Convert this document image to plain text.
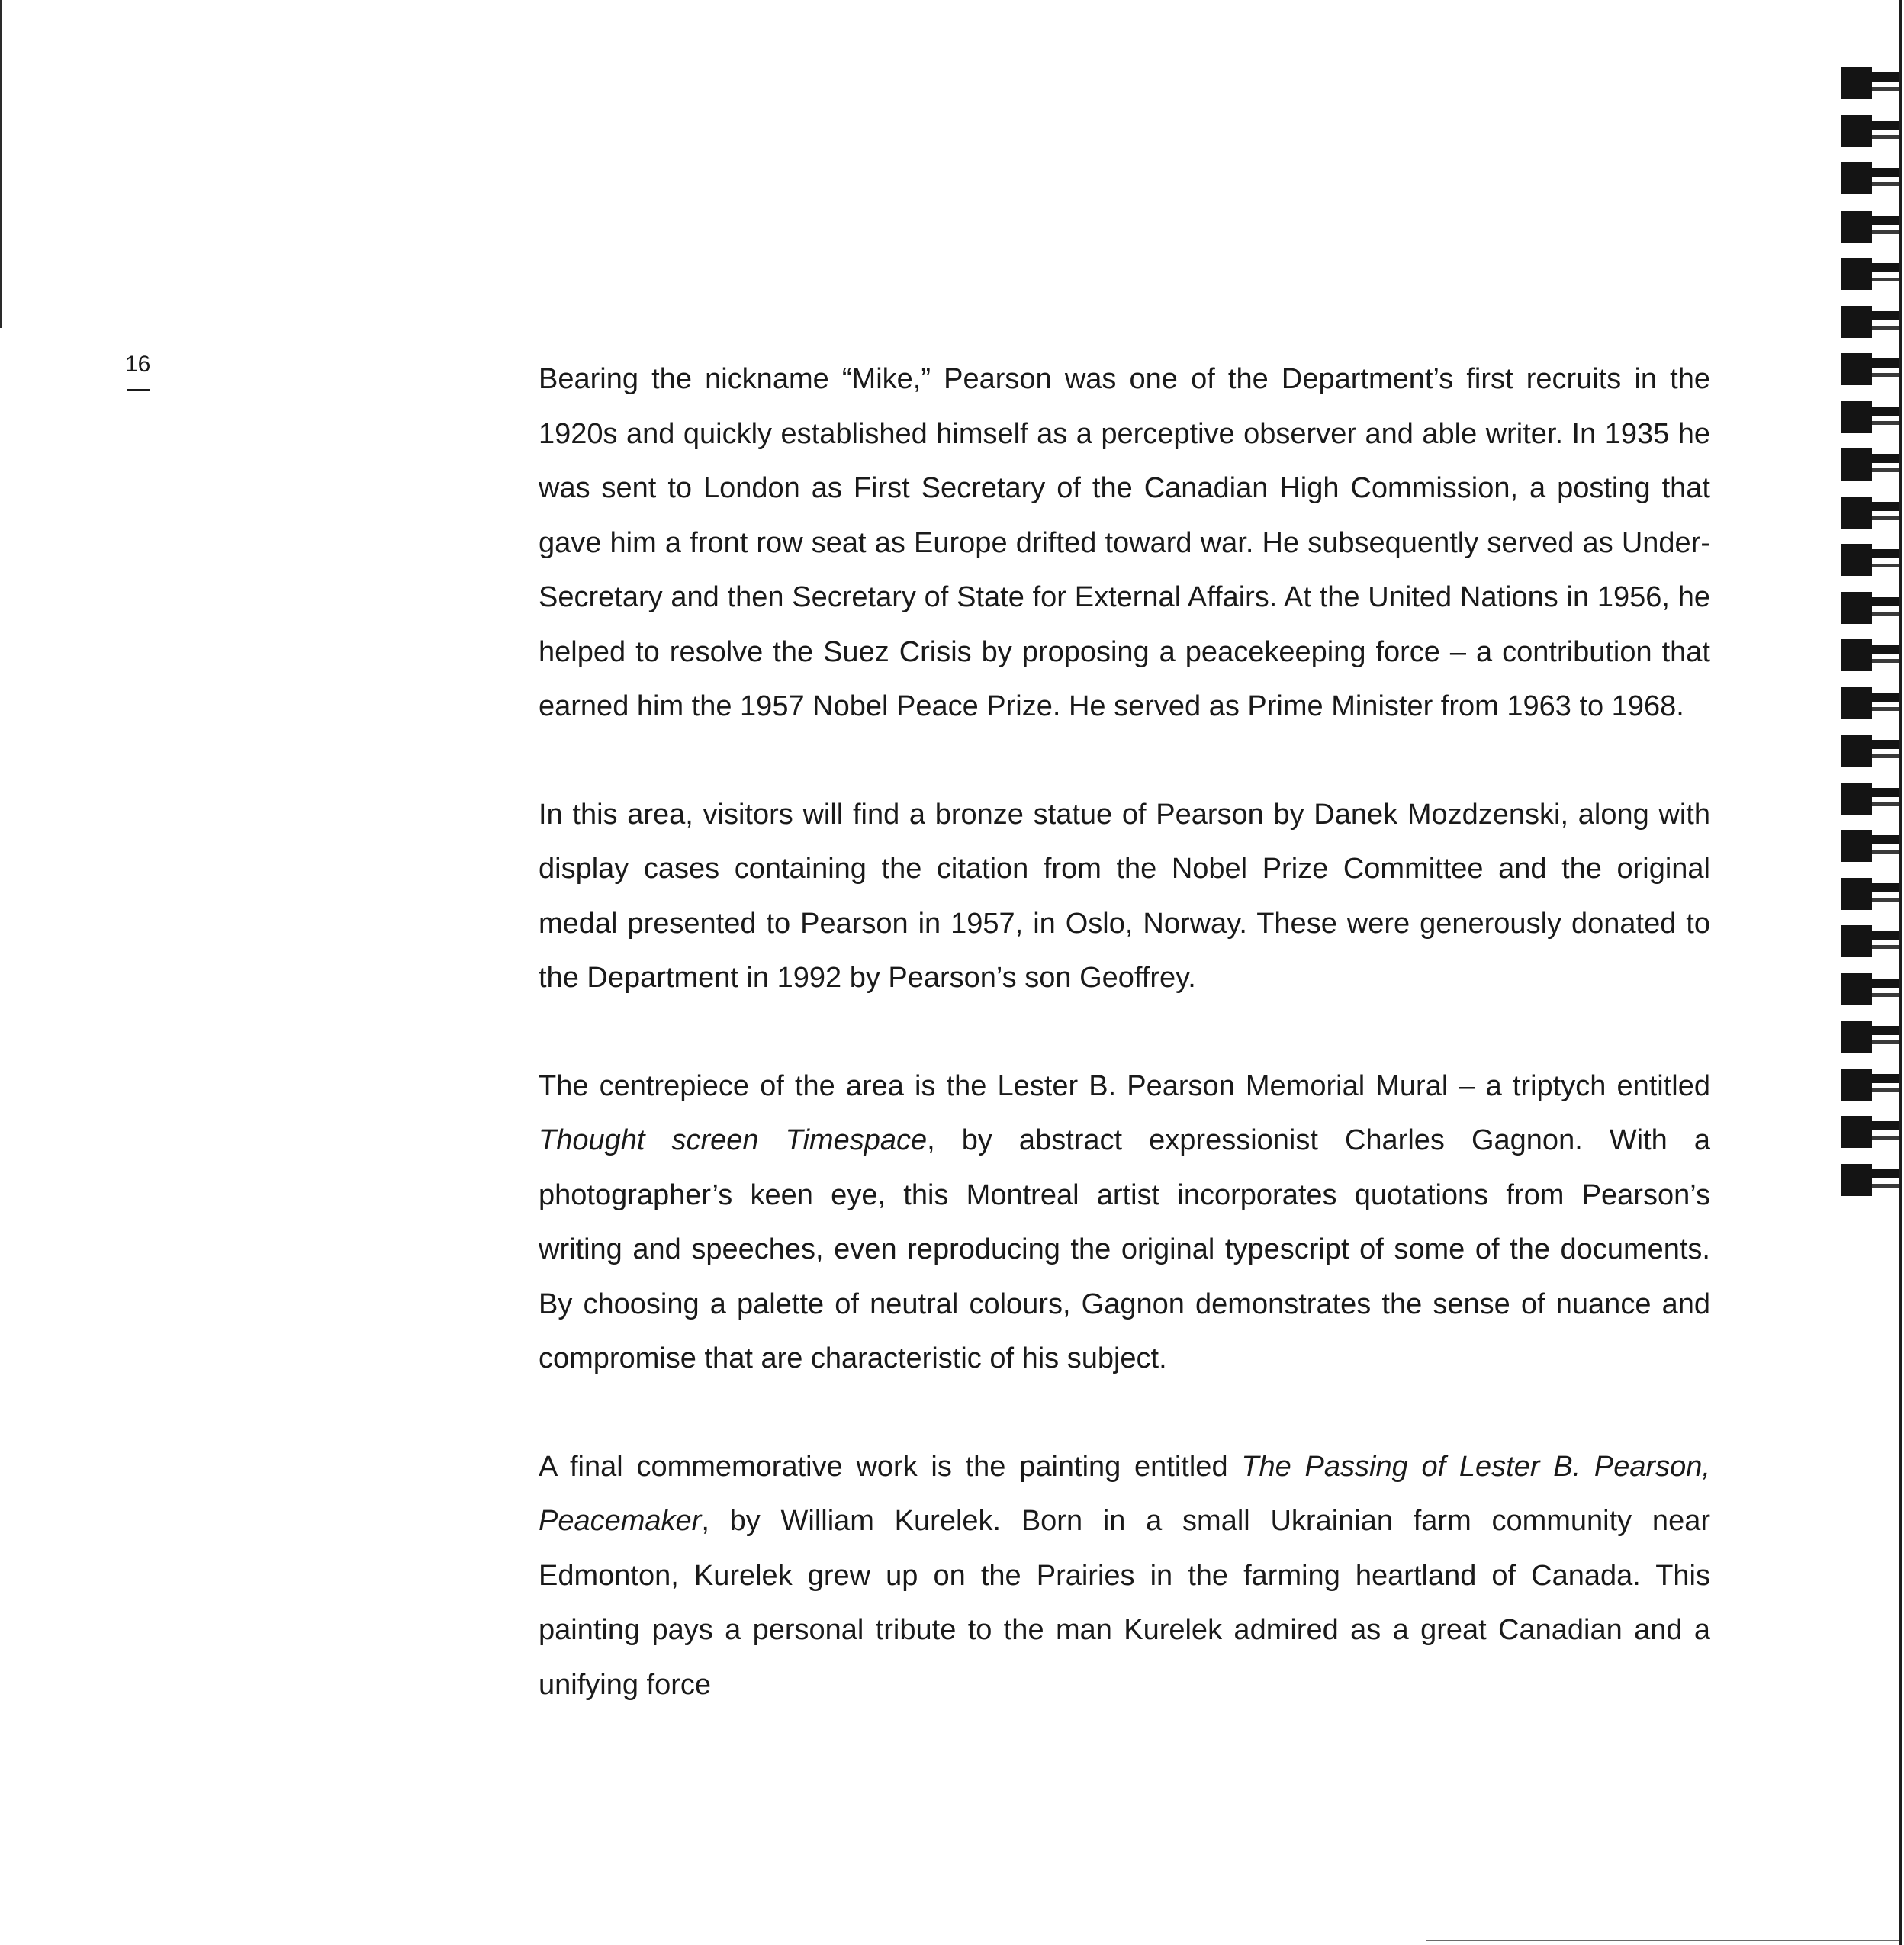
16	Bearing the nickname “Mike,” Pearson was one of the Department’s first recruits in the 1920s and quickly established himself as a perceptive observer and able writer. In 1935 he was sent to London as First Secretary of the Canadian High Commission, a posting that gave him a front row seat as Europe drifted toward war. He subsequently served as Under-Secretary and then Secretary of State for External Affairs. At the United Nations in 1956, he helped to resolve the Suez Crisis by proposing a peacekeeping force – a contribution that earned him the 1957 Nobel Peace Prize. He served as Prime Minister from 1963 to 1968.

In this area, visitors will find a bronze statue of Pearson by Danek Mozdzenski, along with display cases containing the citation from the Nobel Prize Committee and the original medal presented to Pearson in 1957, in Oslo, Norway. These were generously donated to the Department in 1992 by Pearson’s son Geoffrey.

The centrepiece of the area is the Lester B. Pearson Memorial Mural – a triptych entitled Thought screen Timespace, by abstract expressionist Charles Gagnon. With a photographer’s keen eye, this Montreal artist incorporates quotations from Pearson’s writing and speeches, even reproducing the original typescript of some of the documents. By choosing a palette of neutral colours, Gagnon demonstrates the sense of nuance and compromise that are characteristic of his subject.

A final commemorative work is the painting entitled The Passing of Lester B. Pearson, Peacemaker, by William Kurelek. Born in a small Ukrainian farm community near Edmonton, Kurelek grew up on the Prairies in the farming heartland of Canada. This painting pays a personal tribute to the man Kurelek admired as a great Canadian and a unifying force
